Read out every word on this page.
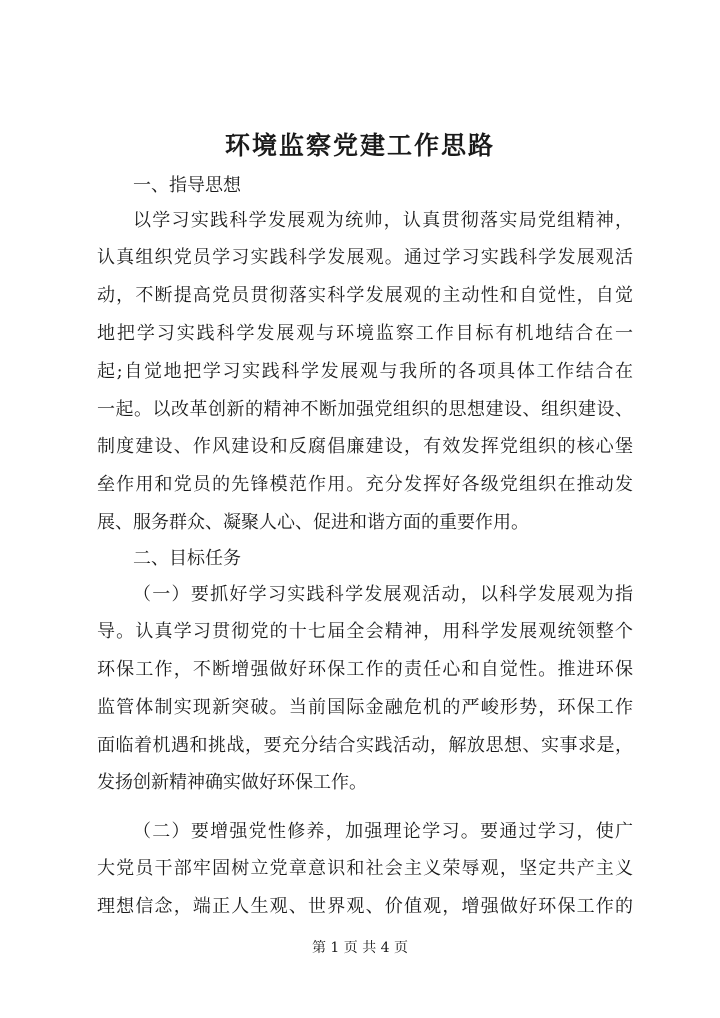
环境监察党建工作思路
一、指导思想
以学习实践科学发展观为统帅，认真贯彻落实局党组精神，
认真组织党员学习实践科学发展观。通过学习实践科学发展观活
动，不断提高党员贯彻落实科学发展观的主动性和自觉性，自觉
地把学习实践科学发展观与环境监察工作目标有机地结合在一
起;自觉地把学习实践科学发展观与我所的各项具体工作结合在
一起。以改革创新的精神不断加强党组织的思想建设、组织建设、
制度建设、作风建设和反腐倡廉建设，有效发挥党组织的核心堡
垒作用和党员的先锋模范作用。充分发挥好各级党组织在推动发
展、服务群众、凝聚人心、促进和谐方面的重要作用。
二、目标任务
（一）要抓好学习实践科学发展观活动，以科学发展观为指
导。认真学习贯彻党的十七届全会精神，用科学发展观统领整个
环保工作，不断增强做好环保工作的责任心和自觉性。推进环保
监管体制实现新突破。当前国际金融危机的严峻形势，环保工作
面临着机遇和挑战，要充分结合实践活动，解放思想、实事求是，
发扬创新精神确实做好环保工作。
（二）要增强党性修养，加强理论学习。要通过学习，使广
大党员干部牢固树立党章意识和社会主义荣辱观，坚定共产主义
理想信念，端正人生观、世界观、价值观，增强做好环保工作的
第 1 页 共 4 页
